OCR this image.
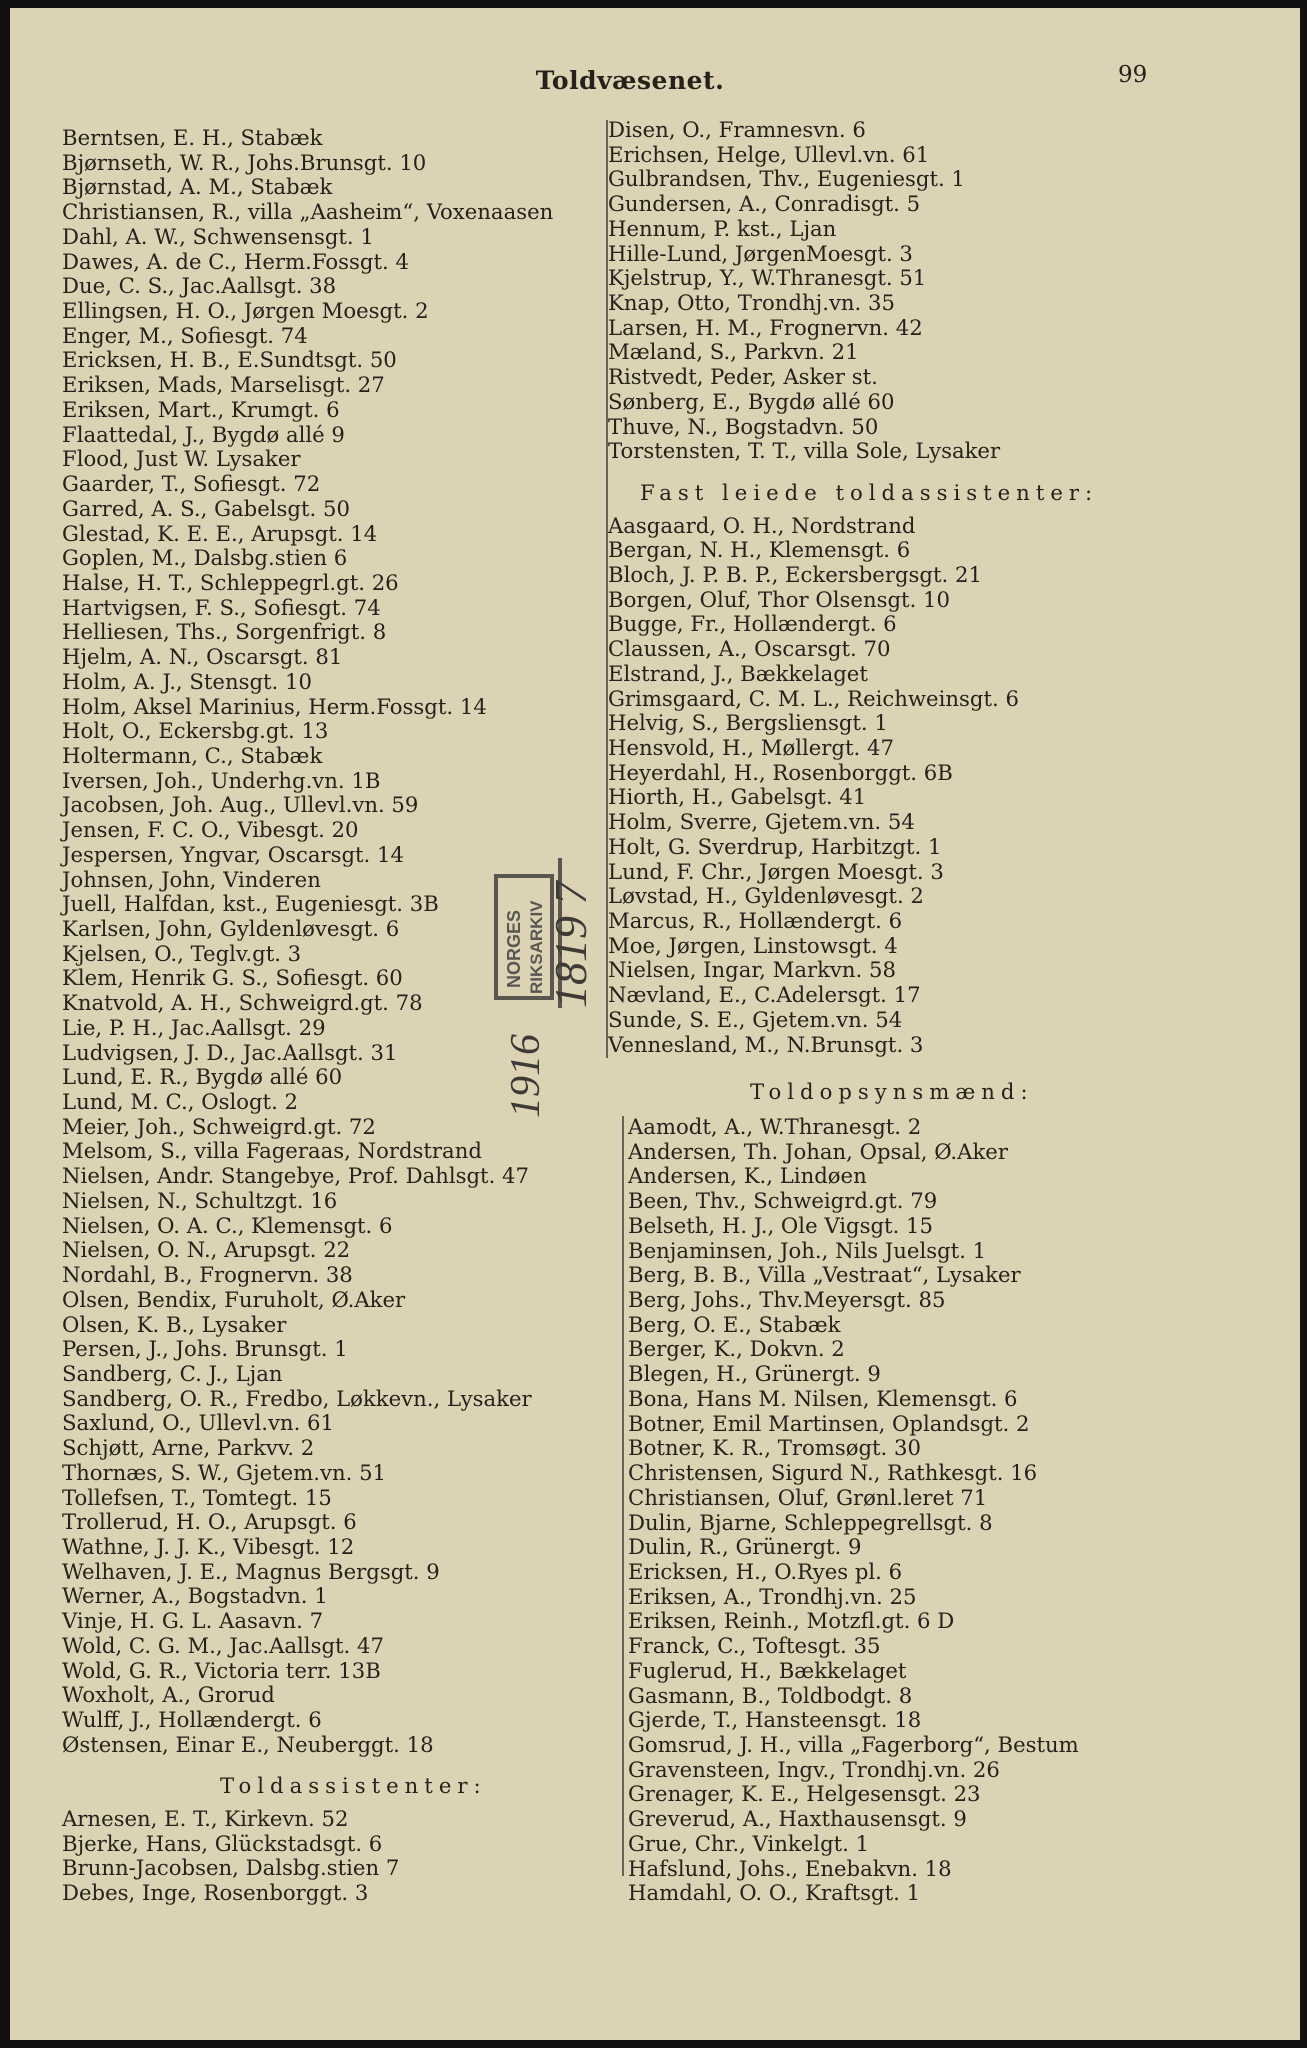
Toldvæsenet.	99
Berntsen, E. H., Stabæk
Bjørnseth, W. R., Johs.Brunsgt. 10
Bjørnstad, A. M., Stabæk
Christiansen, R., villa „Aasheim“, Voxenaasen
Dahl, A. W., Schwensensgt. 1
Dawes, A. de C., Herm.Fossgt. 4
Due, C. S., Jac.Aallsgt. 38
Ellingsen, H. O., Jørgen Moesgt. 2
Enger, M., Sofiesgt. 74
Ericksen, H. B., E.Sundtsgt. 50
Eriksen, Mads, Marselisgt. 27
Eriksen, Mart., Krumgt. 6
Flaattedal, J., Bygdø allé 9
Flood, Just W. Lysaker
Gaarder, T., Sofiesgt. 72
Garred, A. S., Gabelsgt. 50
Glestad, K. E. E., Arupsgt. 14
Goplen, M., Dalsbg.stien 6
Halse, H. T., Schleppegrl.gt. 26
Hartvigsen, F. S., Sofiesgt. 74
Helliesen, Ths., Sorgenfrigt. 8
Hjelm, A. N., Oscarsgt. 81
Holm, A. J., Stensgt. 10
Holm, Aksel Marinius, Herm.Fossgt. 14
Holt, O., Eckersbg.gt. 13
Holtermann, C., Stabæk
Iversen, Joh., Underhg.vn. 1B
Jacobsen, Joh. Aug., Ullevl.vn. 59
Jensen, F. C. O., Vibesgt. 20
Jespersen, Yngvar, Oscarsgt. 14
Johnsen, John, Vinderen
Juell, Halfdan, kst., Eugeniesgt. 3B
Karlsen, John, Gyldenløvesgt. 6
Kjelsen, O., Teglv.gt. 3
Klem, Henrik G. S., Sofiesgt. 60
Knatvold, A. H., Schweigrd.gt. 78
Lie, P. H., Jac.Aallsgt. 29
Ludvigsen, J. D., Jac.Aallsgt. 31
Lund, E. R., Bygdø allé 60
Lund, M. C., Oslogt. 2
Meier, Joh., Schweigrd.gt. 72
Melsom, S., villa Fageraas, Nordstrand
Nielsen, Andr. Stangebye, Prof. Dahlsgt. 47
Nielsen, N., Schultzgt. 16
Nielsen, O. A. C., Klemensgt. 6
Nielsen, O. N., Arupsgt. 22
Nordahl, B., Frognervn. 38
Olsen, Bendix, Furuholt, Ø.Aker
Olsen, K. B., Lysaker
Persen, J., Johs. Brunsgt. 1
Sandberg, C. J., Ljan
Sandberg, O. R., Fredbo, Løkkevn., Lysaker
Saxlund, O., Ullevl.vn. 61
Schjøtt, Arne, Parkvv. 2
Thornæs, S. W., Gjetem.vn. 51
Tollefsen, T., Tomtegt. 15
Trollerud, H. O., Arupsgt. 6
Wathne, J. J. K., Vibesgt. 12
Welhaven, J. E., Magnus Bergsgt. 9
Werner, A., Bogstadvn. 1
Vinje, H. G. L. Aasavn. 7
Wold, C. G. M., Jac.Aallsgt. 47
Wold, G. R., Victoria terr. 13B
Woxholt, A., Grorud
Wulff, J., Hollændergt. 6
Østensen, Einar E., Neuberggt. 18
Toldassistenter:
Arnesen, E. T., Kirkevn. 52
Bjerke, Hans, Glückstadsgt. 6
Brunn-Jacobsen, Dalsbg.stien 7
Debes, Inge, Rosenborggt. 3
Disen, O., Framnesvn. 6
Erichsen, Helge, Ullevl.vn. 61
Gulbrandsen, Thv., Eugeniesgt. 1
Gundersen, A., Conradisgt. 5
Hennum, P. kst., Ljan
Hille-Lund, JørgenMoesgt. 3
Kjelstrup, Y., W.Thranesgt. 51
Knap, Otto, Trondhj.vn. 35
Larsen, H. M., Frognervn. 42
Mæland, S., Parkvn. 21
Ristvedt, Peder, Asker st.
Sønberg, E., Bygdø allé 60
Thuve, N., Bogstadvn. 50
Torstensten, T. T., villa Sole, Lysaker
Fast leiede toldassistenter:
Aasgaard, O. H., Nordstrand
Bergan, N. H., Klemensgt. 6
Bloch, J. P. B. P., Eckersbergsgt. 21
Borgen, Oluf, Thor Olsensgt. 10
Bugge, Fr., Hollændergt. 6
Claussen, A., Oscarsgt. 70
Elstrand, J., Bækkelaget
Grimsgaard, C. M. L., Reichweinsgt. 6
Helvig, S., Bergsliensgt. 1
Hensvold, H., Møllergt. 47
Heyerdahl, H., Rosenborggt. 6B
Hiorth, H., Gabelsgt. 41
Holm, Sverre, Gjetem.vn. 54
Holt, G. Sverdrup, Harbitzgt. 1
Lund, F. Chr., Jørgen Moesgt. 3
Løvstad, H., Gyldenløvesgt. 2
Marcus, R., Hollændergt. 6
Moe, Jørgen, Linstowsgt. 4
Nielsen, Ingar, Markvn. 58
Nævland, E., C.Adelersgt. 17
Sunde, S. E., Gjetem.vn. 54
Vennesland, M., N.Brunsgt. 3
Toldopsynsmænd:
Aamodt, A., W.Thranesgt. 2
Andersen, Th. Johan, Opsal, Ø.Aker
Andersen, K., Lindøen
Been, Thv., Schweigrd.gt. 79
Belseth, H. J., Ole Vigsgt. 15
Benjaminsen, Joh., Nils Juelsgt. 1
Berg, B. B., Villa „Vestraat“, Lysaker
Berg, Johs., Thv.Meyersgt. 85
Berg, O. E., Stabæk
Berger, K., Dokvn. 2
Blegen, H., Grünergt. 9
Bona, Hans M. Nilsen, Klemensgt. 6
Botner, Emil Martinsen, Oplandsgt. 2
Botner, K. R., Tromsøgt. 30
Christensen, Sigurd N., Rathkesgt. 16
Christiansen, Oluf, Grønl.leret 71
Dulin, Bjarne, Schleppegrellsgt. 8
Dulin, R., Grünergt. 9
Ericksen, H., O.Ryes pl. 6
Eriksen, A., Trondhj.vn. 25
Eriksen, Reinh., Motzfl.gt. 6 D
Franck, C., Toftesgt. 35
Fuglerud, H., Bækkelaget
Gasmann, B., Toldbodgt. 8
Gjerde, T., Hansteensgt. 18
Gomsrud, J. H., villa „Fagerborg“, Bestum
Gravensteen, Ingv., Trondhj.vn. 26
Grenager, K. E., Helgesensgt. 23
Greverud, A., Haxthausensgt. 9
Grue, Chr., Vinkelgt. 1
Hafslund, Johs., Enebakvn. 18
Hamdahl, O. O., Kraftsgt. 1
NORGES RIKSARKIV 1819 7
1916
